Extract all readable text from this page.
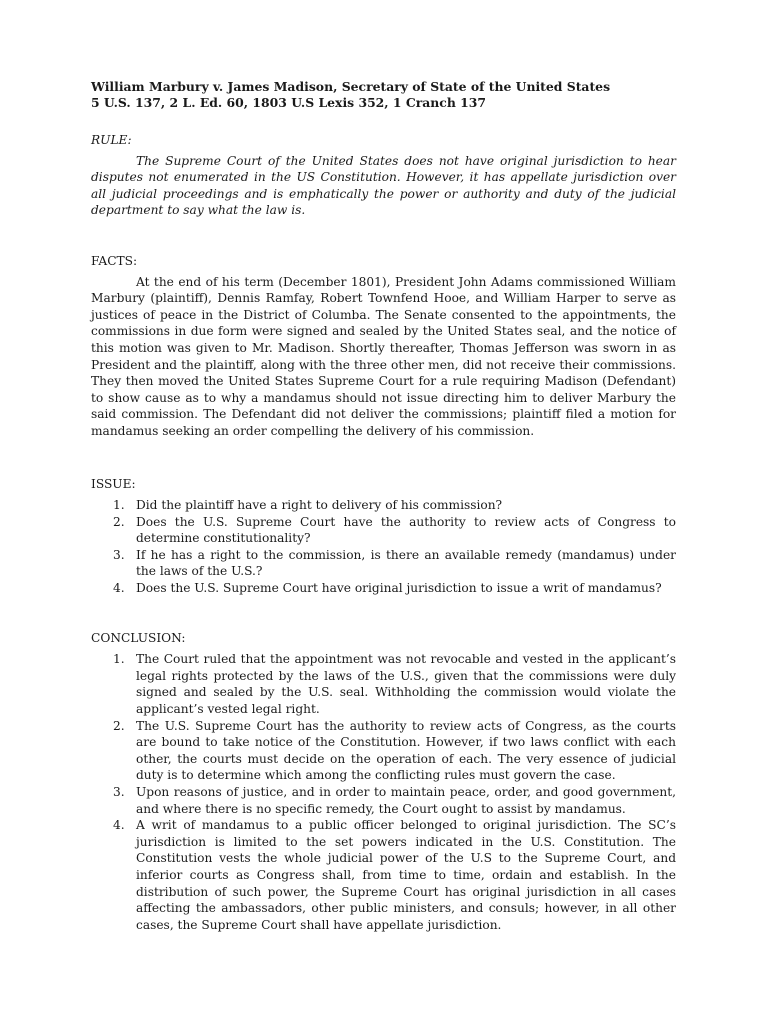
William Marbury v. James Madison, Secretary of State of the United States
5 U.S. 137, 2 L. Ed. 60, 1803 U.S Lexis 352, 1 Cranch 137

RULE:

The Supreme Court of the United States does not have original jurisdiction to hear disputes not enumerated in the US Constitution. However, it has appellate jurisdiction over all judicial proceedings and is emphatically the power or authority and duty of the judicial department to say what the law is.

FACTS:

At the end of his term (December 1801), President John Adams commissioned William Marbury (plaintiff), Dennis Ramfay, Robert Townfend Hooe, and William Harper to serve as justices of peace in the District of Columba. The Senate consented to the appointments, the commissions in due form were signed and sealed by the United States seal, and the notice of this motion was given to Mr. Madison. Shortly thereafter, Thomas Jefferson was sworn in as President and the plaintiff, along with the three other men, did not receive their commissions. They then moved the United States Supreme Court for a rule requiring Madison (Defendant) to show cause as to why a mandamus should not issue directing him to deliver Marbury the said commission. The Defendant did not deliver the commissions; plaintiff filed a motion for mandamus seeking an order compelling the delivery of his commission.

ISSUE:

1. Did the plaintiff have a right to delivery of his commission?
2. Does the U.S. Supreme Court have the authority to review acts of Congress to determine constitutionality?
3. If he has a right to the commission, is there an available remedy (mandamus) under the laws of the U.S.?
4. Does the U.S. Supreme Court have original jurisdiction to issue a writ of mandamus?

CONCLUSION:

1. The Court ruled that the appointment was not revocable and vested in the applicant’s legal rights protected by the laws of the U.S., given that the commissions were duly signed and sealed by the U.S. seal. Withholding the commission would violate the applicant’s vested legal right.
2. The U.S. Supreme Court has the authority to review acts of Congress, as the courts are bound to take notice of the Constitution. However, if two laws conflict with each other, the courts must decide on the operation of each. The very essence of judicial duty is to determine which among the conflicting rules must govern the case.
3. Upon reasons of justice, and in order to maintain peace, order, and good government, and where there is no specific remedy, the Court ought to assist by mandamus.
4. A writ of mandamus to a public officer belonged to original jurisdiction. The SC’s jurisdiction is limited to the set powers indicated in the U.S. Constitution. The Constitution vests the whole judicial power of the U.S to the Supreme Court, and inferior courts as Congress shall, from time to time, ordain and establish. In the distribution of such power, the Supreme Court has original jurisdiction in all cases affecting the ambassadors, other public ministers, and consuls; however, in all other cases, the Supreme Court shall have appellate jurisdiction.
